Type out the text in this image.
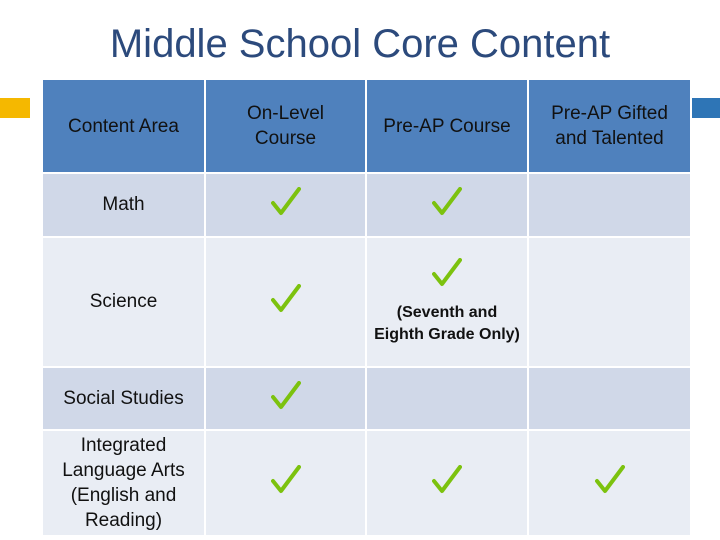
Middle School Core Content
Content Area	On-Level Course	Pre-AP Course	Pre-AP Gifted and Talented
Math	

Science		(Seventh and Eighth Grade Only)	

Social Studies	

Integrated Language Arts (English and Reading)	
